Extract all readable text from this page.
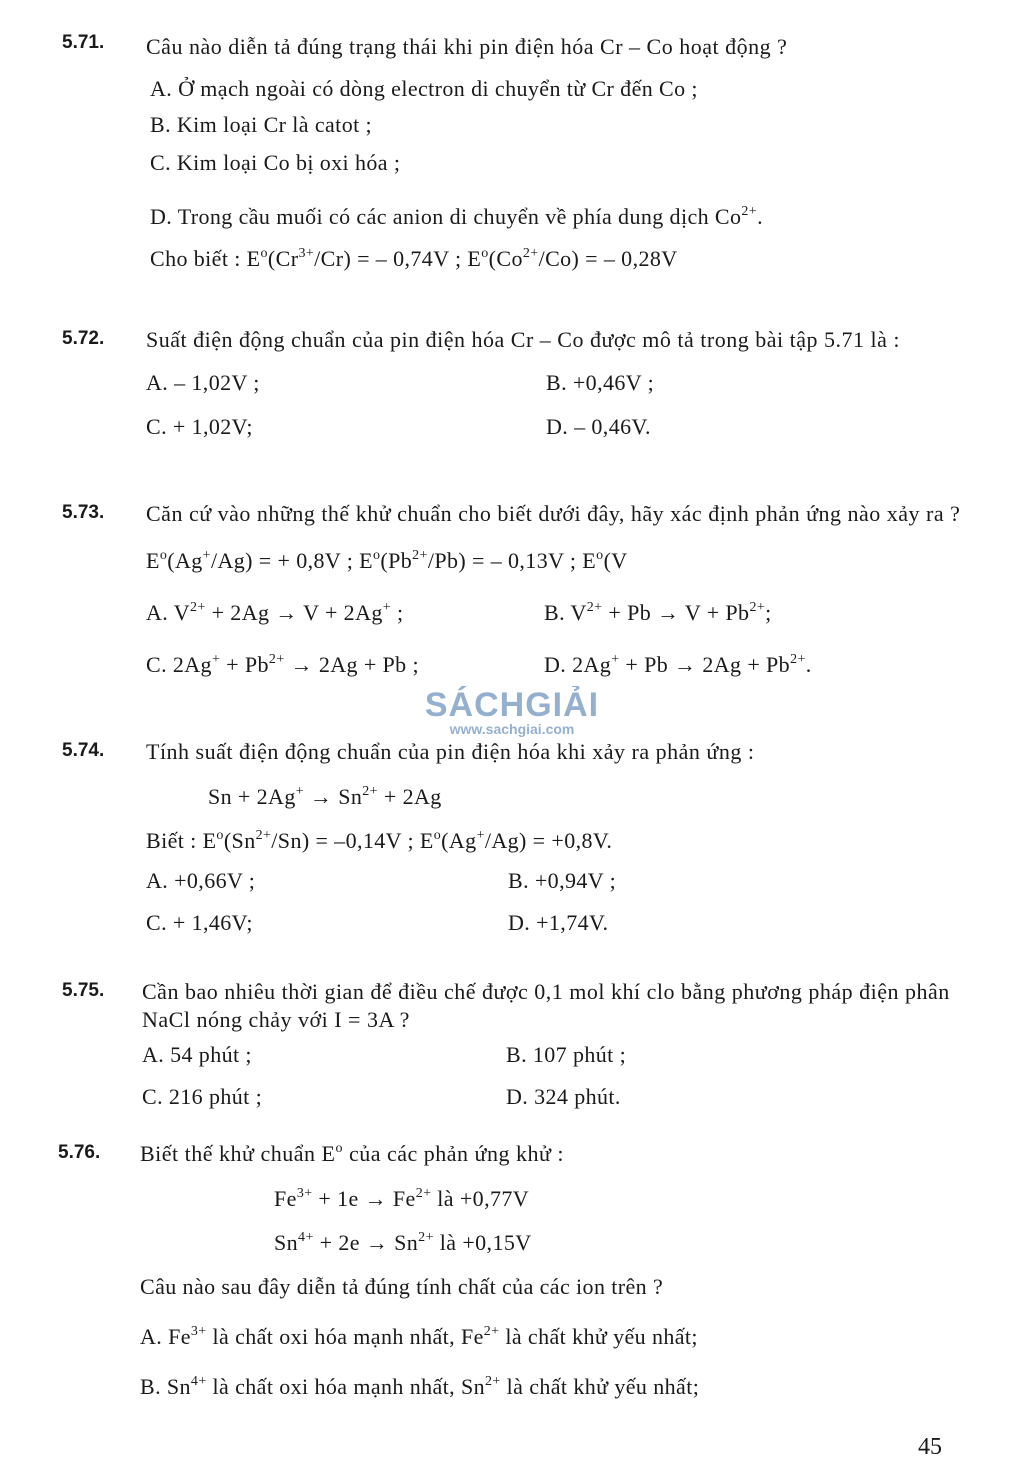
5.71. Câu nào diễn tả đúng trạng thái khi pin điện hóa Cr – Co hoạt động ?
A. Ở mạch ngoài có dòng electron di chuyển từ Cr đến Co ;
B. Kim loại Cr là catot ;
C. Kim loại Co bị oxi hóa ;
D. Trong cầu muối có các anion di chuyển về phía dung dịch $Co^{2+}$.
Cho biết : $E^o(Cr^{3+}/Cr)$ = – 0,74V ; $E^o(Co^{2+}/Co)$ = – 0,28V
5.72. Suất điện động chuẩn của pin điện hóa Cr – Co được mô tả trong bài tập 5.71 là :
A. – 1,02V ;	B. +0,46V ;
C. + 1,02V;	D. – 0,46V.
5.73. Căn cứ vào những thế khử chuẩn cho biết dưới đây, hãy xác định phản ứng nào xảy ra ?
$E^o(Ag^+/Ag)$ = + 0,8V ; $E^o(Pb^{2+}/Pb)$ = – 0,13V ; $E^o(V$
A. $V^{2+} + 2Ag \to V + 2Ag^+$ ;	B. $V^{2+} + Pb \to V + Pb^{2+}$;
C. $2Ag^+ + Pb^{2+} \to 2Ag + Pb$ ;	D. $2Ag^+ + Pb \to 2Ag + Pb^{2+}$.
5.74. Tính suất điện động chuẩn của pin điện hóa khi xảy ra phản ứng :
$Sn + 2Ag^+ \to Sn^{2+} + 2Ag$
Biết : $E^o(Sn^{2+}/Sn) = -0,14V$ ; $E^o(Ag^+/Ag) = +0,8V$.
A. +0,66V ;	B. +0,94V ;
C. + 1,46V;	D. +1,74V.
5.75. Cần bao nhiêu thời gian để điều chế được 0,1 mol khí clo bằng phương pháp điện phân NaCl nóng chảy với I = 3A ?
A. 54 phút ;	B. 107 phút ;
C. 216 phút ;	D. 324 phút.
5.76. Biết thế khử chuẩn $E^o$ của các phản ứng khử :
$Fe^{3+} + 1e \to Fe^{2+}$ là +0,77V
$Sn^{4+} + 2e \to Sn^{2+}$ là +0,15V
Câu nào sau đây diễn tả đúng tính chất của các ion trên ?
A. $Fe^{3+}$ là chất oxi hóa mạnh nhất, $Fe^{2+}$ là chất khử yếu nhất;
B. $Sn^{4+}$ là chất oxi hóa mạnh nhất, $Sn^{2+}$ là chất khử yếu nhất;
SÁCHGIẢI
www.sachgiai.com
45
